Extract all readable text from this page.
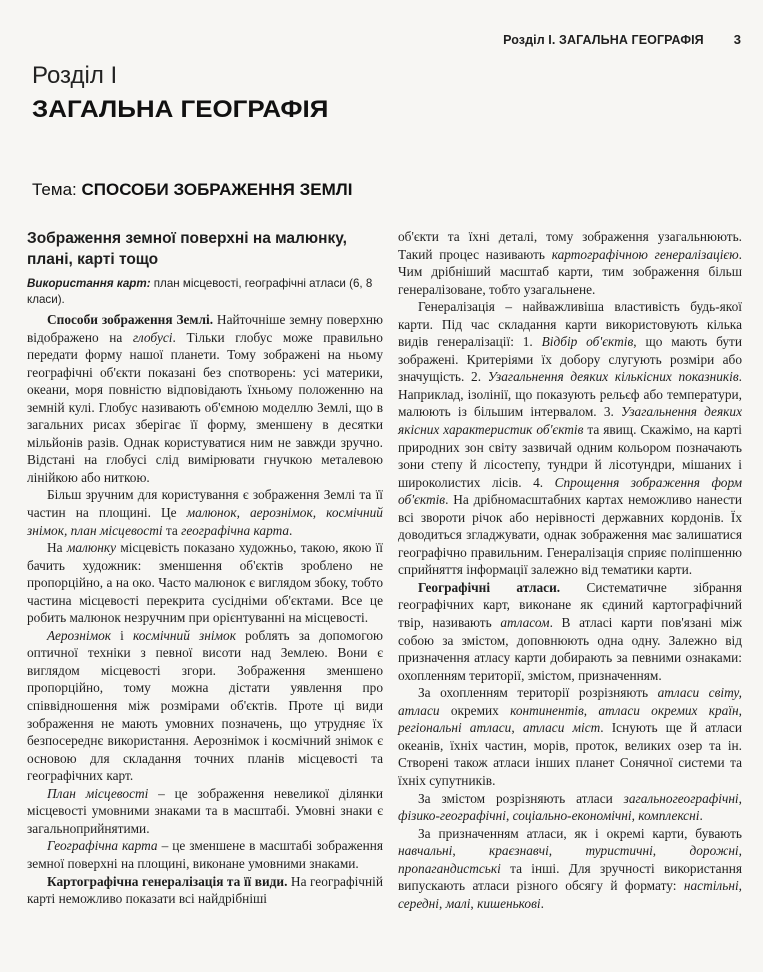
Розділ І. ЗАГАЛЬНА ГЕОГРАФІЯ 3
Розділ І
ЗАГАЛЬНА ГЕОГРАФІЯ
Тема: СПОСОБИ ЗОБРАЖЕННЯ ЗЕМЛІ
Зображення земної поверхні на малюнку, плані, карті тощо
Використання карт: план місцевості, географічні атласи (6, 8 класи).

Способи зображення Землі. Найточніше земну поверхню відображено на глобусі. Тільки глобус може правильно передати форму нашої планети. Тому зображені на ньому географічні об'єкти показані без спотворень: усі материки, океани, моря повністю відповідають їхньому положенню на земній кулі. Глобус називають об'ємною моделлю Землі, що в загальних рисах зберігає її форму, зменшену в десятки мільйонів разів. Однак користуватися ним не завжди зручно. Відстані на глобусі слід вимірювати гнучкою металевою лінійкою або ниткою.

Більш зручним для користування є зображення Землі та її частин на площині. Це малюнок, аерознімок, космічний знімок, план місцевості та географічна карта.

На малюнку місцевість показано художньо, такою, якою її бачить художник: зменшення об'єктів зроблено не пропорційно, а на око. Часто малюнок є виглядом збоку, тобто частина місцевості перекрита сусідніми об'єктами. Все це робить малюнок незручним при орієнтуванні на місцевості.

Аерознімок і космічний знімок роблять за допомогою оптичної техніки з певної висоти над Землею. Вони є виглядом місцевості згори. Зображення зменшено пропорційно, тому можна дістати уявлення про співвідношення між розмірами об'єктів. Проте ці види зображення не мають умовних позначень, що утрудняє їх безпосереднє використання. Аерознімок і космічний знімок є основою для складання точних планів місцевості та географічних карт.

План місцевості – це зображення невеликої ділянки місцевості умовними знаками та в масштабі. Умовні знаки є загальноприйнятими.

Географічна карта – це зменшене в масштабі зображення земної поверхні на площині, виконане умовними знаками.

Картографічна генералізація та її види. На географічній карті неможливо показати всі найдрібніші

об'єкти та їхні деталі, тому зображення узагальнюють. Такий процес називають картографічною генералізацією. Чим дрібніший масштаб карти, тим зображення більш генералізоване, тобто узагальнене.

Генералізація – найважливіша властивість будь-якої карти. Під час складання карти використовують кілька видів генералізації: 1. Відбір об'єктів, що мають бути зображені. Критеріями їх добору слугують розміри або значущість. 2. Узагальнення деяких кількісних показників. Наприклад, ізолінії, що показують рельєф або температури, малюють із більшим інтервалом. 3. Узагальнення деяких якісних характеристик об'єктів та явищ. Скажімо, на карті природних зон світу зазвичай одним кольором позначають зони степу й лісостепу, тундри й лісотундри, мішаних і широколистих лісів. 4. Спрощення зображення форм об'єктів. На дрібномасштабних картах неможливо нанести всі звороти річок або нерівності державних кордонів. Їх доводиться згладжувати, однак зображення має залишатися географічно правильним. Генералізація сприяє поліпшенню сприйняття інформації залежно від тематики карти.

Географічні атласи. Систематичне зібрання географічних карт, виконане як єдиний картографічний твір, називають атласом. В атласі карти пов'язані між собою за змістом, доповнюють одна одну. Залежно від призначення атласу карти добирають за певними ознаками: охопленням території, змістом, призначенням.

За охопленням території розрізняють атласи світу, атласи окремих континентів, атласи окремих країн, регіональні атласи, атласи міст. Існують ще й атласи океанів, їхніх частин, морів, проток, великих озер та ін. Створені також атласи інших планет Сонячної системи та їхніх супутників.

За змістом розрізняють атласи загальногеографічні, фізико-географічні, соціально-економічні, комплексні.

За призначенням атласи, як і окремі карти, бувають навчальні, краєзнавчі, туристичні, дорожні, пропагандистські та інші. Для зручності використання випускають атласи різного обсягу й формату: настільні, середні, малі, кишенькові.
